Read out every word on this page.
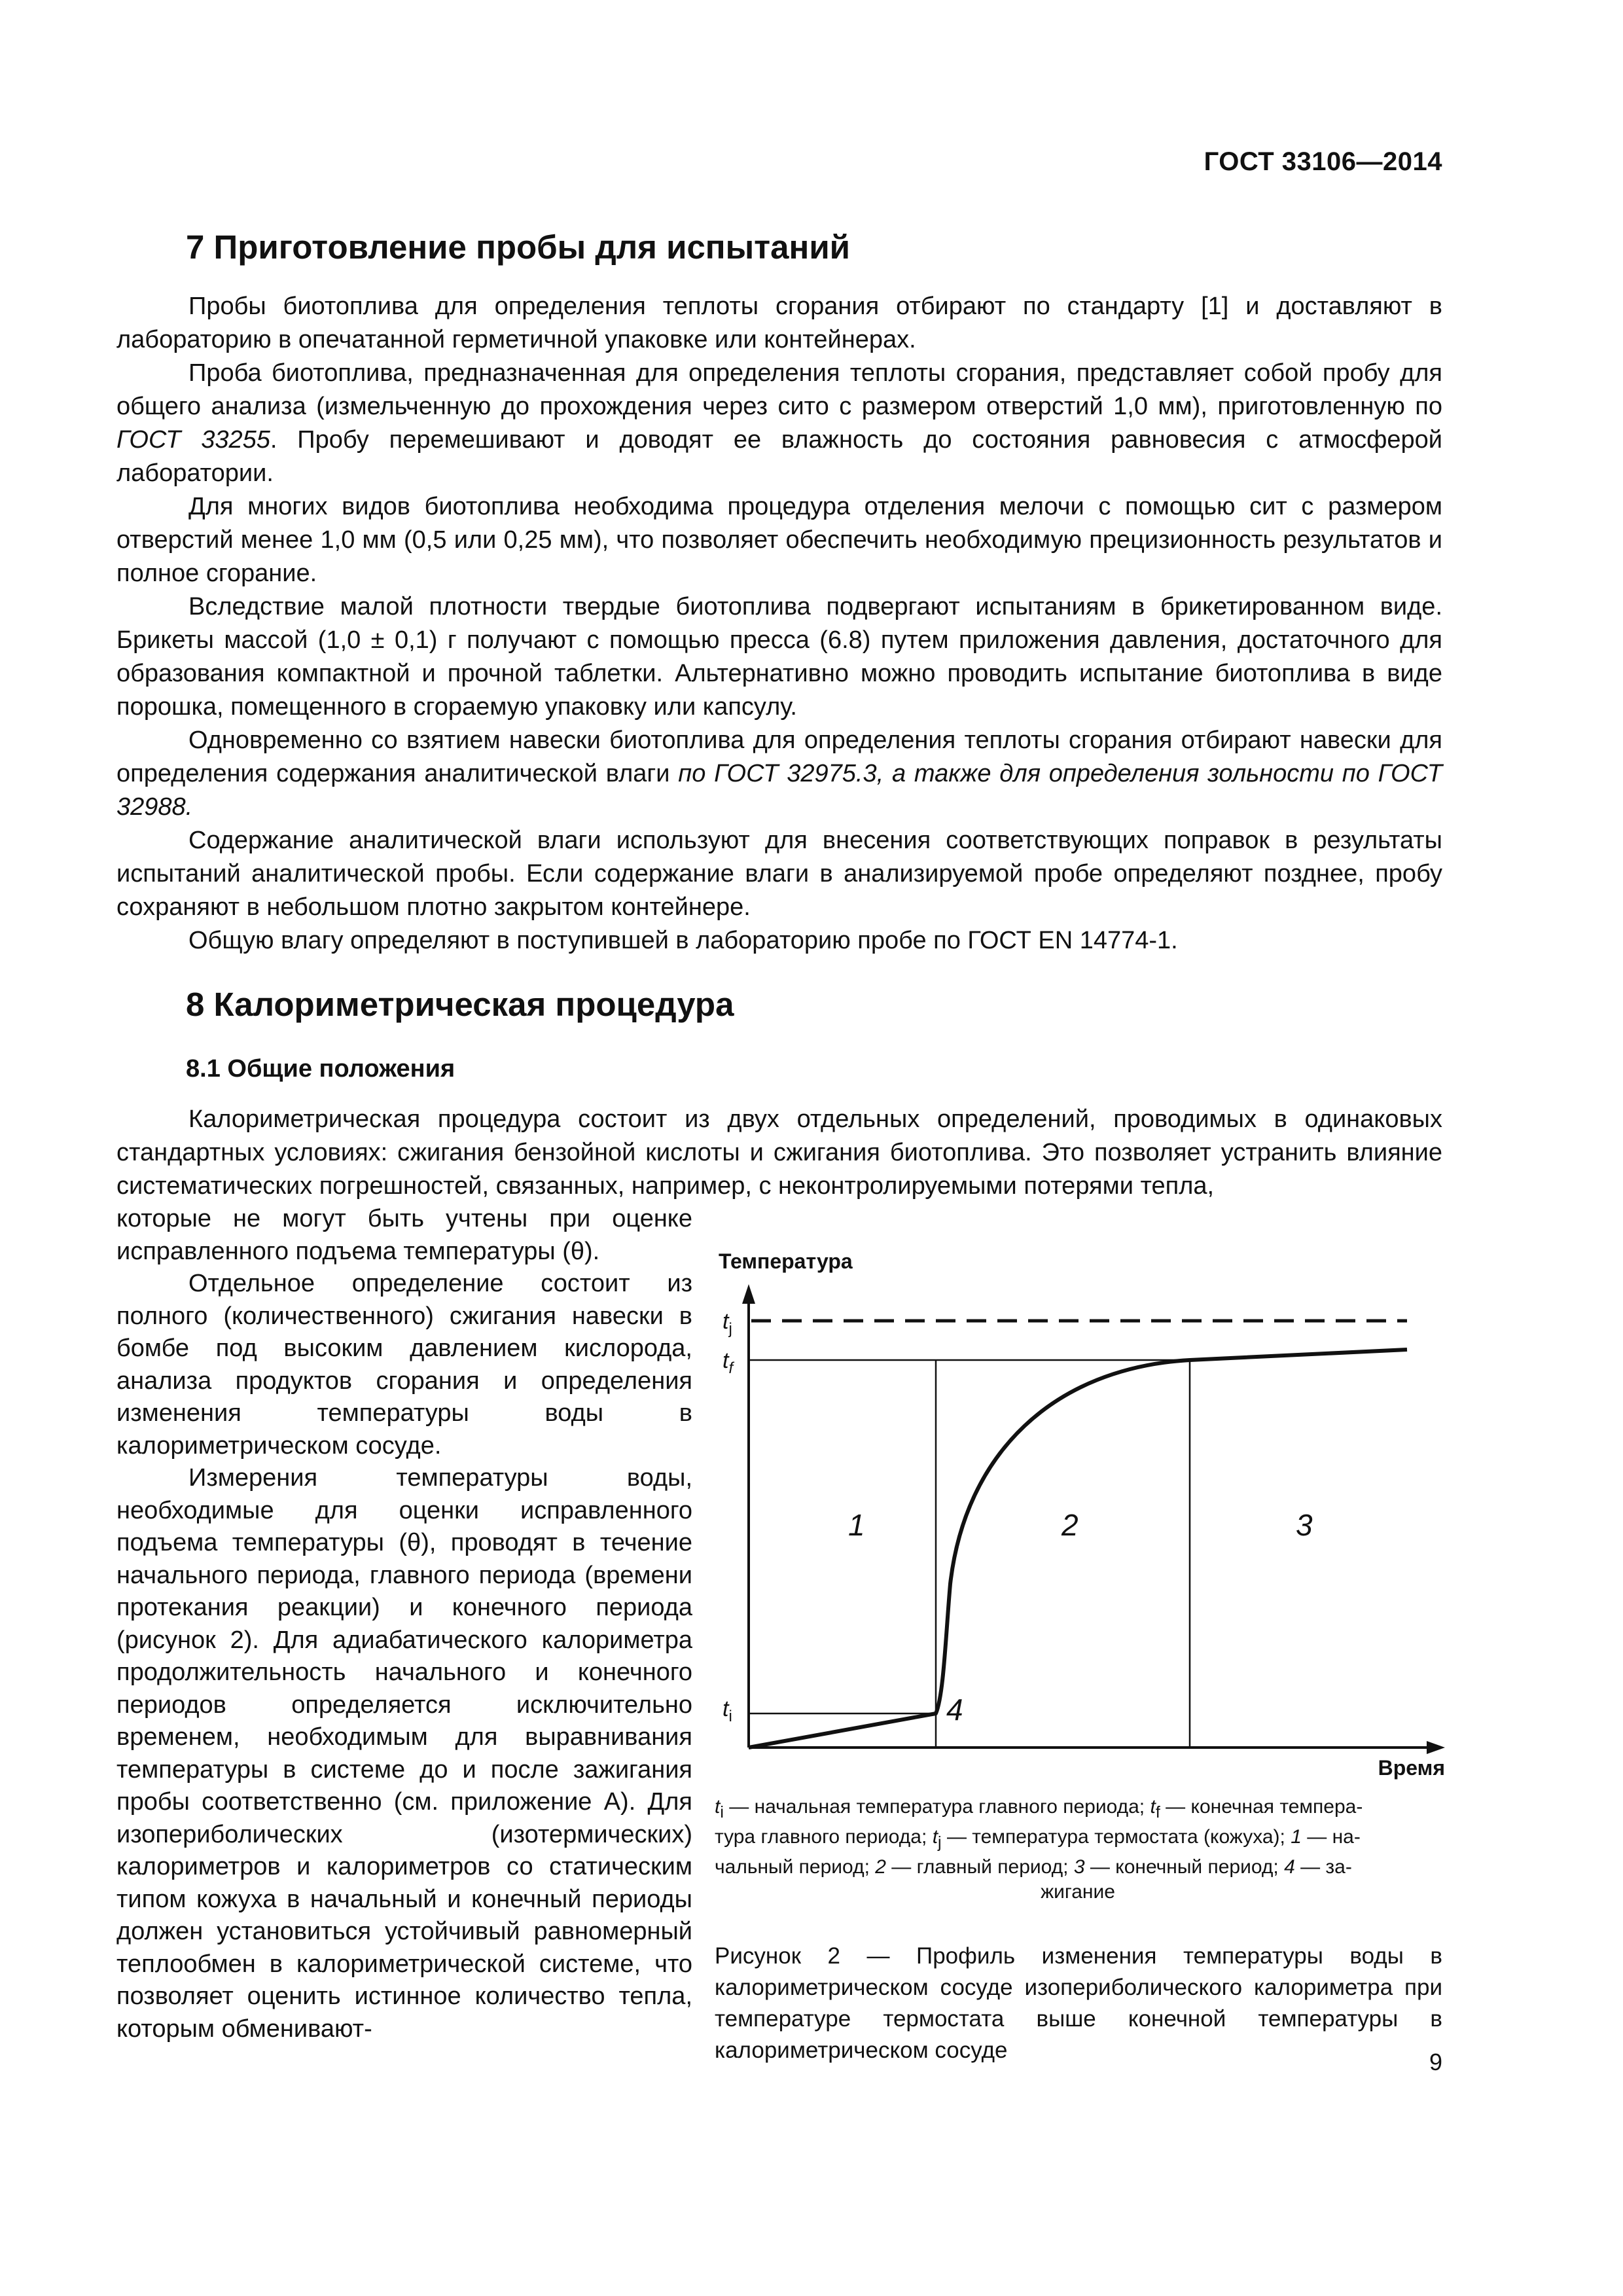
ГОСТ 33106—2014
7 Приготовление пробы для испытаний

Пробы биотоплива для определения теплоты сгорания отбирают по стандарту [1] и доставляют в лабораторию в опечатанной герметичной упаковке или контейнерах.

Проба биотоплива, предназначенная для определения теплоты сгорания, представляет собой пробу для общего анализа (измельченную до прохождения через сито с размером отверстий 1,0 мм), приготовленную по ГОСТ 33255. Пробу перемешивают и доводят ее влажность до состояния равновесия с атмосферой лаборатории.

Для многих видов биотоплива необходима процедура отделения мелочи с помощью сит с размером отверстий менее 1,0 мм (0,5 или 0,25 мм), что позволяет обеспечить необходимую прецизионность результатов и полное сгорание.

Вследствие малой плотности твердые биотоплива подвергают испытаниям в брикетированном виде. Брикеты массой (1,0 ± 0,1) г получают с помощью пресса (6.8) путем приложения давления, достаточного для образования компактной и прочной таблетки. Альтернативно можно проводить испытание биотоплива в виде порошка, помещенного в сгораемую упаковку или капсулу.

Одновременно со взятием навески биотоплива для определения теплоты сгорания отбирают навески для определения содержания аналитической влаги по ГОСТ 32975.3, а также для определения зольности по ГОСТ 32988.

Содержание аналитической влаги используют для внесения соответствующих поправок в результаты испытаний аналитической пробы. Если содержание влаги в анализируемой пробе определяют позднее, пробу сохраняют в небольшом плотно закрытом контейнере.

Общую влагу определяют в поступившей в лабораторию пробе по ГОСТ EN 14774-1.

8 Калориметрическая процедура
8.1 Общие положения

Калориметрическая процедура состоит из двух отдельных определений, проводимых в одинаковых стандартных условиях: сжигания бензойной кислоты и сжигания биотоплива. Это позволяет устранить влияние систематических погрешностей, связанных, например, с неконтролируемыми потерями тепла,

которые не могут быть учтены при оценке исправленного подъема температуры (θ).

Отдельное определение состоит из полного (количественного) сжигания навески в бомбе под высоким давлением кислорода, анализа продуктов сгорания и определения изменения температуры воды в калориметрическом сосуде.

Измерения температуры воды, необходимые для оценки исправленного подъема температуры (θ), проводят в течение начального периода, главного периода (времени протекания реакции) и конечного периода (рисунок 2). Для адиабатического калориметра продолжительность начального и конечного периодов определяется исключительно временем, необходимым для выравнивания температуры в системе до и после зажигания пробы соответственно (см. приложение А). Для изопериболических (изотермических) калориметров и калориметров со статическим типом кожуха в начальный и конечный периоды должен установиться устойчивый равномерный теплообмен в калориметрической системе, что позволяет оценить истинное количество тепла, которым обменивают-

Температура
Время
$t_j$
$t_f$
$t_i$
1	2	3
4
$t_i$ — начальная температура главного периода; $t_f$ — конечная темпера-
тура главного периода; $t_j$ — температура термостата (кожуха); 1 — на-
чальный период; 2 — главный период; 3 — конечный период; 4 — за-
жигание
Рисунок 2 — Профиль изменения температуры воды в калориметрическом сосуде изопериболического калориметра при температуре термостата выше конечной температуры в калориметрическом сосуде	9
